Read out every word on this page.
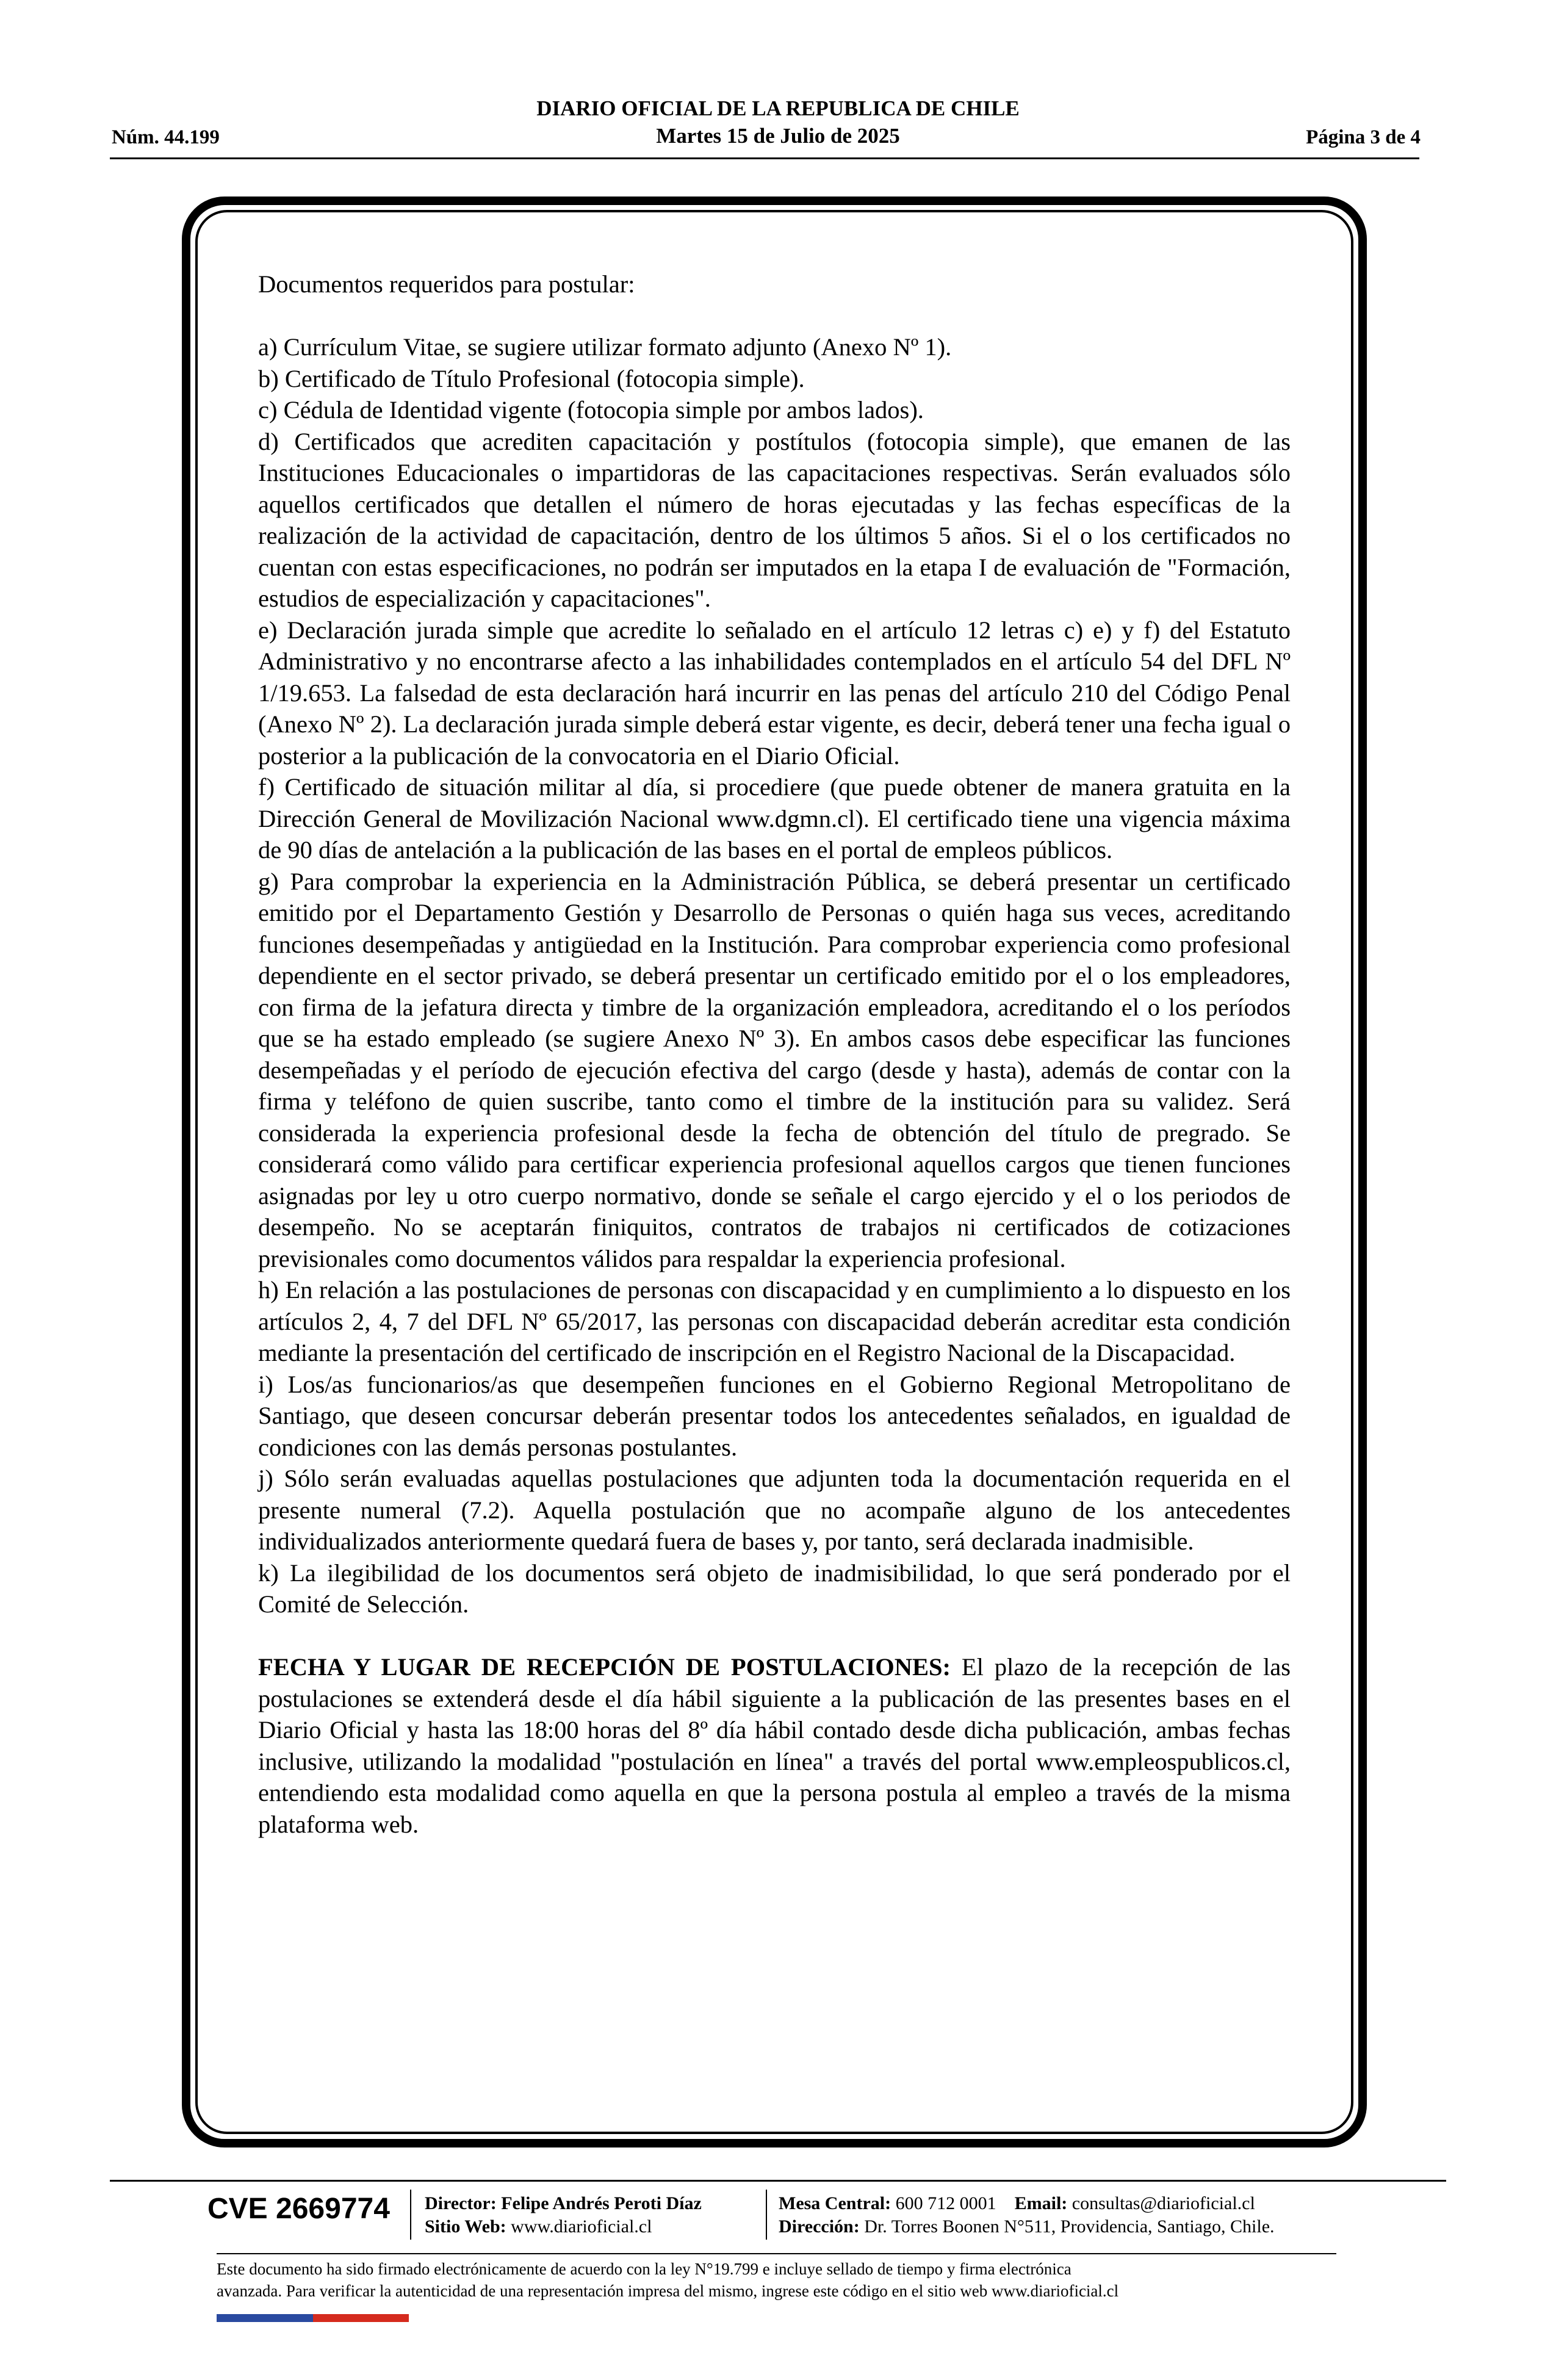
Núm. 44.199
DIARIO OFICIAL DE LA REPUBLICA DE CHILE
Martes 15 de Julio de 2025	Página 3 de 4

Documentos requeridos para postular:

a) Currículum Vitae, se sugiere utilizar formato adjunto (Anexo Nº 1).

b) Certificado de Título Profesional (fotocopia simple).

c) Cédula de Identidad vigente (fotocopia simple por ambos lados).

d) Certificados que acrediten capacitación y postítulos (fotocopia simple), que emanen de las Instituciones Educacionales o impartidoras de las capacitaciones respectivas. Serán evaluados sólo aquellos certificados que detallen el número de horas ejecutadas y las fechas específicas de la realización de la actividad de capacitación, dentro de los últimos 5 años. Si el o los certificados no cuentan con estas especificaciones, no podrán ser imputados en la etapa I de evaluación de "Formación, estudios de especialización y capacitaciones".

e) Declaración jurada simple que acredite lo señalado en el artículo 12 letras c) e) y f) del Estatuto Administrativo y no encontrarse afecto a las inhabilidades contemplados en el artículo 54 del DFL Nº 1/19.653. La falsedad de esta declaración hará incurrir en las penas del artículo 210 del Código Penal (Anexo Nº 2). La declaración jurada simple deberá estar vigente, es decir, deberá tener una fecha igual o posterior a la publicación de la convocatoria en el Diario Oficial.

f) Certificado de situación militar al día, si procediere (que puede obtener de manera gratuita en la Dirección General de Movilización Nacional www.dgmn.cl). El certificado tiene una vigencia máxima de 90 días de antelación a la publicación de las bases en el portal de empleos públicos.

g) Para comprobar la experiencia en la Administración Pública, se deberá presentar un certificado emitido por el Departamento Gestión y Desarrollo de Personas o quién haga sus veces, acreditando funciones desempeñadas y antigüedad en la Institución. Para comprobar experiencia como profesional dependiente en el sector privado, se deberá presentar un certificado emitido por el o los empleadores, con firma de la jefatura directa y timbre de la organización empleadora, acreditando el o los períodos que se ha estado empleado (se sugiere Anexo Nº 3). En ambos casos debe especificar las funciones desempeñadas y el período de ejecución efectiva del cargo (desde y hasta), además de contar con la firma y teléfono de quien suscribe, tanto como el timbre de la institución para su validez. Será considerada la experiencia profesional desde la fecha de obtención del título de pregrado. Se considerará como válido para certificar experiencia profesional aquellos cargos que tienen funciones asignadas por ley u otro cuerpo normativo, donde se señale el cargo ejercido y el o los periodos de desempeño. No se aceptarán finiquitos, contratos de trabajos ni certificados de cotizaciones previsionales como documentos válidos para respaldar la experiencia profesional.

h) En relación a las postulaciones de personas con discapacidad y en cumplimiento a lo dispuesto en los artículos 2, 4, 7 del DFL Nº 65/2017, las personas con discapacidad deberán acreditar esta condición mediante la presentación del certificado de inscripción en el Registro Nacional de la Discapacidad.

i) Los/as funcionarios/as que desempeñen funciones en el Gobierno Regional Metropolitano de Santiago, que deseen concursar deberán presentar todos los antecedentes señalados, en igualdad de condiciones con las demás personas postulantes.

j) Sólo serán evaluadas aquellas postulaciones que adjunten toda la documentación requerida en el presente numeral (7.2). Aquella postulación que no acompañe alguno de los antecedentes individualizados anteriormente quedará fuera de bases y, por tanto, será declarada inadmisible.

k) La ilegibilidad de los documentos será objeto de inadmisibilidad, lo que será ponderado por el Comité de Selección.

FECHA Y LUGAR DE RECEPCIÓN DE POSTULACIONES: El plazo de la recepción de las postulaciones se extenderá desde el día hábil siguiente a la publicación de las presentes bases en el Diario Oficial y hasta las 18:00 horas del 8º día hábil contado desde dicha publicación, ambas fechas inclusive, utilizando la modalidad "postulación en línea" a través del portal www.empleospublicos.cl, entendiendo esta modalidad como aquella en que la persona postula al empleo a través de la misma plataforma web.

CVE 2669774 Director: Felipe Andrés Peroti Díaz
Sitio Web: www.diarioficial.cl
Mesa Central: 600 712 0001 Email: consultas@diarioficial.cl
Dirección: Dr. Torres Boonen N°511, Providencia, Santiago, Chile.

Este documento ha sido firmado electrónicamente de acuerdo con la ley N°19.799 e incluye sellado de tiempo y firma electrónica

avanzada. Para verificar la autenticidad de una representación impresa del mismo, ingrese este código en el sitio web www.diarioficial.cl
